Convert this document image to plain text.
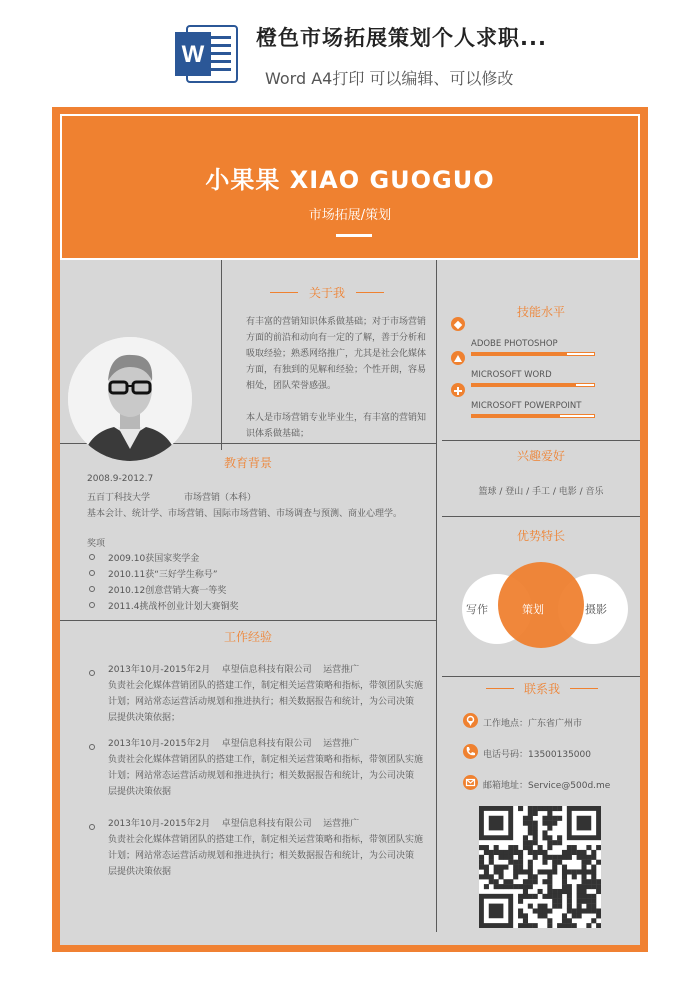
W
橙色市场拓展策划个人求职...
Word A4打印 可以编辑、可以修改
小果果 XIAO GUOGUO
市场拓展/策划
关于我
有丰富的营销知识体系做基础；对于市场营销
方面的前沿和动向有一定的了解，善于分析和
吸取经验；熟悉网络推广，尤其是社会化媒体
方面，有独到的见解和经验；个性开朗，容易
相处，团队荣誉感强。
本人是市场营销专业毕业生，有丰富的营销知
识体系做基础；
教育背景
2008.9-2012.7
五百丁科技大学	市场营销（本科）
基本会计、统计学、市场营销、国际市场营销、市场调查与预测、商业心理学。
奖项
2009.10获国家奖学金
2010.11获“三好学生称号”
2010.12创意营销大赛一等奖
2011.4挑战杯创业计划大赛铜奖
工作经验
2013年10月-2015年2月    卓望信息科技有限公司    运营推广
负责社会化媒体营销团队的搭建工作，制定相关运营策略和指标，带领团队实施
计划；网站常态运营活动规划和推进执行；相关数据报告和统计，为公司决策
层提供决策依据；
2013年10月-2015年2月    卓望信息科技有限公司    运营推广
负责社会化媒体营销团队的搭建工作，制定相关运营策略和指标，带领团队实施
计划；网站常态运营活动规划和推进执行；相关数据报告和统计，为公司决策
层提供决策依据
2013年10月-2015年2月    卓望信息科技有限公司    运营推广
负责社会化媒体营销团队的搭建工作，制定相关运营策略和指标，带领团队实施
计划；网站常态运营活动规划和推进执行；相关数据报告和统计，为公司决策
层提供决策依据
技能水平
ADOBE PHOTOSHOP
MICROSOFT WORD
MICROSOFT POWERPOINT
兴趣爱好
篮球 / 登山 / 手工 / 电影 / 音乐
优势特长
写作	策划	摄影
联系我
工作地点：广东省广州市
电话号码：13500135000
邮箱地址：Service@500d.me
